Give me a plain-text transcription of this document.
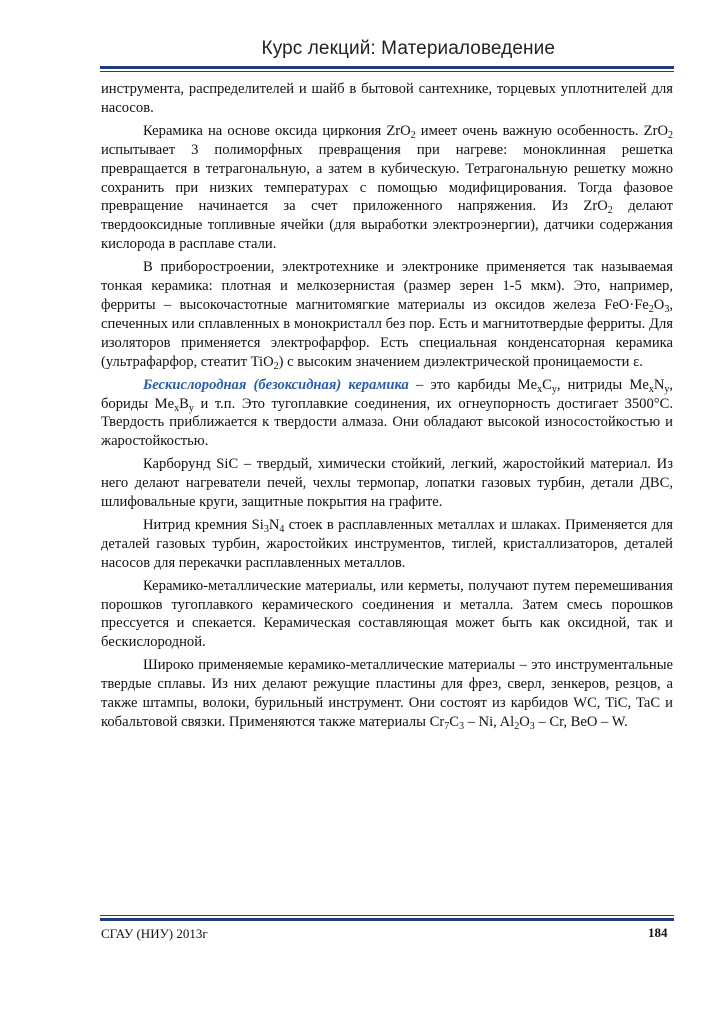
Курс лекций: Материаловедение

инструмента, распределителей и шайб в бытовой сантехнике, торцевых уплотнителей для насосов.

Керамика на основе оксида циркония ZrO$_2$ имеет очень важную особенность. ZrO$_2$ испытывает 3 полиморфных превращения при нагреве: моноклинная решетка превращается в тетрагональную, а затем в кубическую. Тетрагональную решетку можно сохранить при низких температурах с помощью модифицирования. Тогда фазовое превращение начинается за счет приложенного напряжения. Из ZrO$_2$ делают твердооксидные топливные ячейки (для выработки электроэнергии), датчики содержания кислорода в расплаве стали.

В приборостроении, электротехнике и электронике применяется так называемая тонкая керамика: плотная и мелкозернистая (размер зерен 1-5 мкм). Это, например, ферриты – высокочастотные магнитомягкие материалы из оксидов железа $FeO\cdot Fe_2O_3$, спеченных или сплавленных в монокристалл без пор. Есть и магнитотвердые ферриты. Для изоляторов применяется электрофарфор. Есть специальная конденсаторная керамика (ультрафарфор, стеатит TiO$_2$) с высоким значением диэлектрической проницаемости ε.

Бескислородная (безоксидная) керамика – это карбиды $Me_xC_y$, нитриды $Me_xN_y$, бориды $Me_xB_y$ и т.п. Это тугоплавкие соединения, их огнеупорность достигает 3500°С. Твердость приближается к твердости алмаза. Они обладают высокой износостойкостью и жаростойкостью.

Карборунд SiC – твердый, химически стойкий, легкий, жаростойкий материал. Из него делают нагреватели печей, чехлы термопар, лопатки газовых турбин, детали ДВС, шлифовальные круги, защитные покрытия на графите.

Нитрид кремния $Si_3N_4$ стоек в расплавленных металлах и шлаках. Применяется для деталей газовых турбин, жаростойких инструментов, тиглей, кристаллизаторов, деталей насосов для перекачки расплавленных металлов.

Керамико-металлические материалы, или керметы, получают путем перемешивания порошков тугоплавкого керамического соединения и металла. Затем смесь порошков прессуется и спекается. Керамическая составляющая может быть как оксидной, так и бескислородной.

Широко применяемые керамико-металлические материалы – это инструментальные твердые сплавы. Из них делают режущие пластины для фрез, сверл, зенкеров, резцов, а также штампы, волоки, бурильный инструмент. Они состоят из карбидов WC, TiC, TaC и кобальтовой связки. Применяются также материалы $Cr_7C_3$ – Ni, $Al_2O_3$ – Cr, BeO – W.

СГАУ (НИУ) 2013г	184
